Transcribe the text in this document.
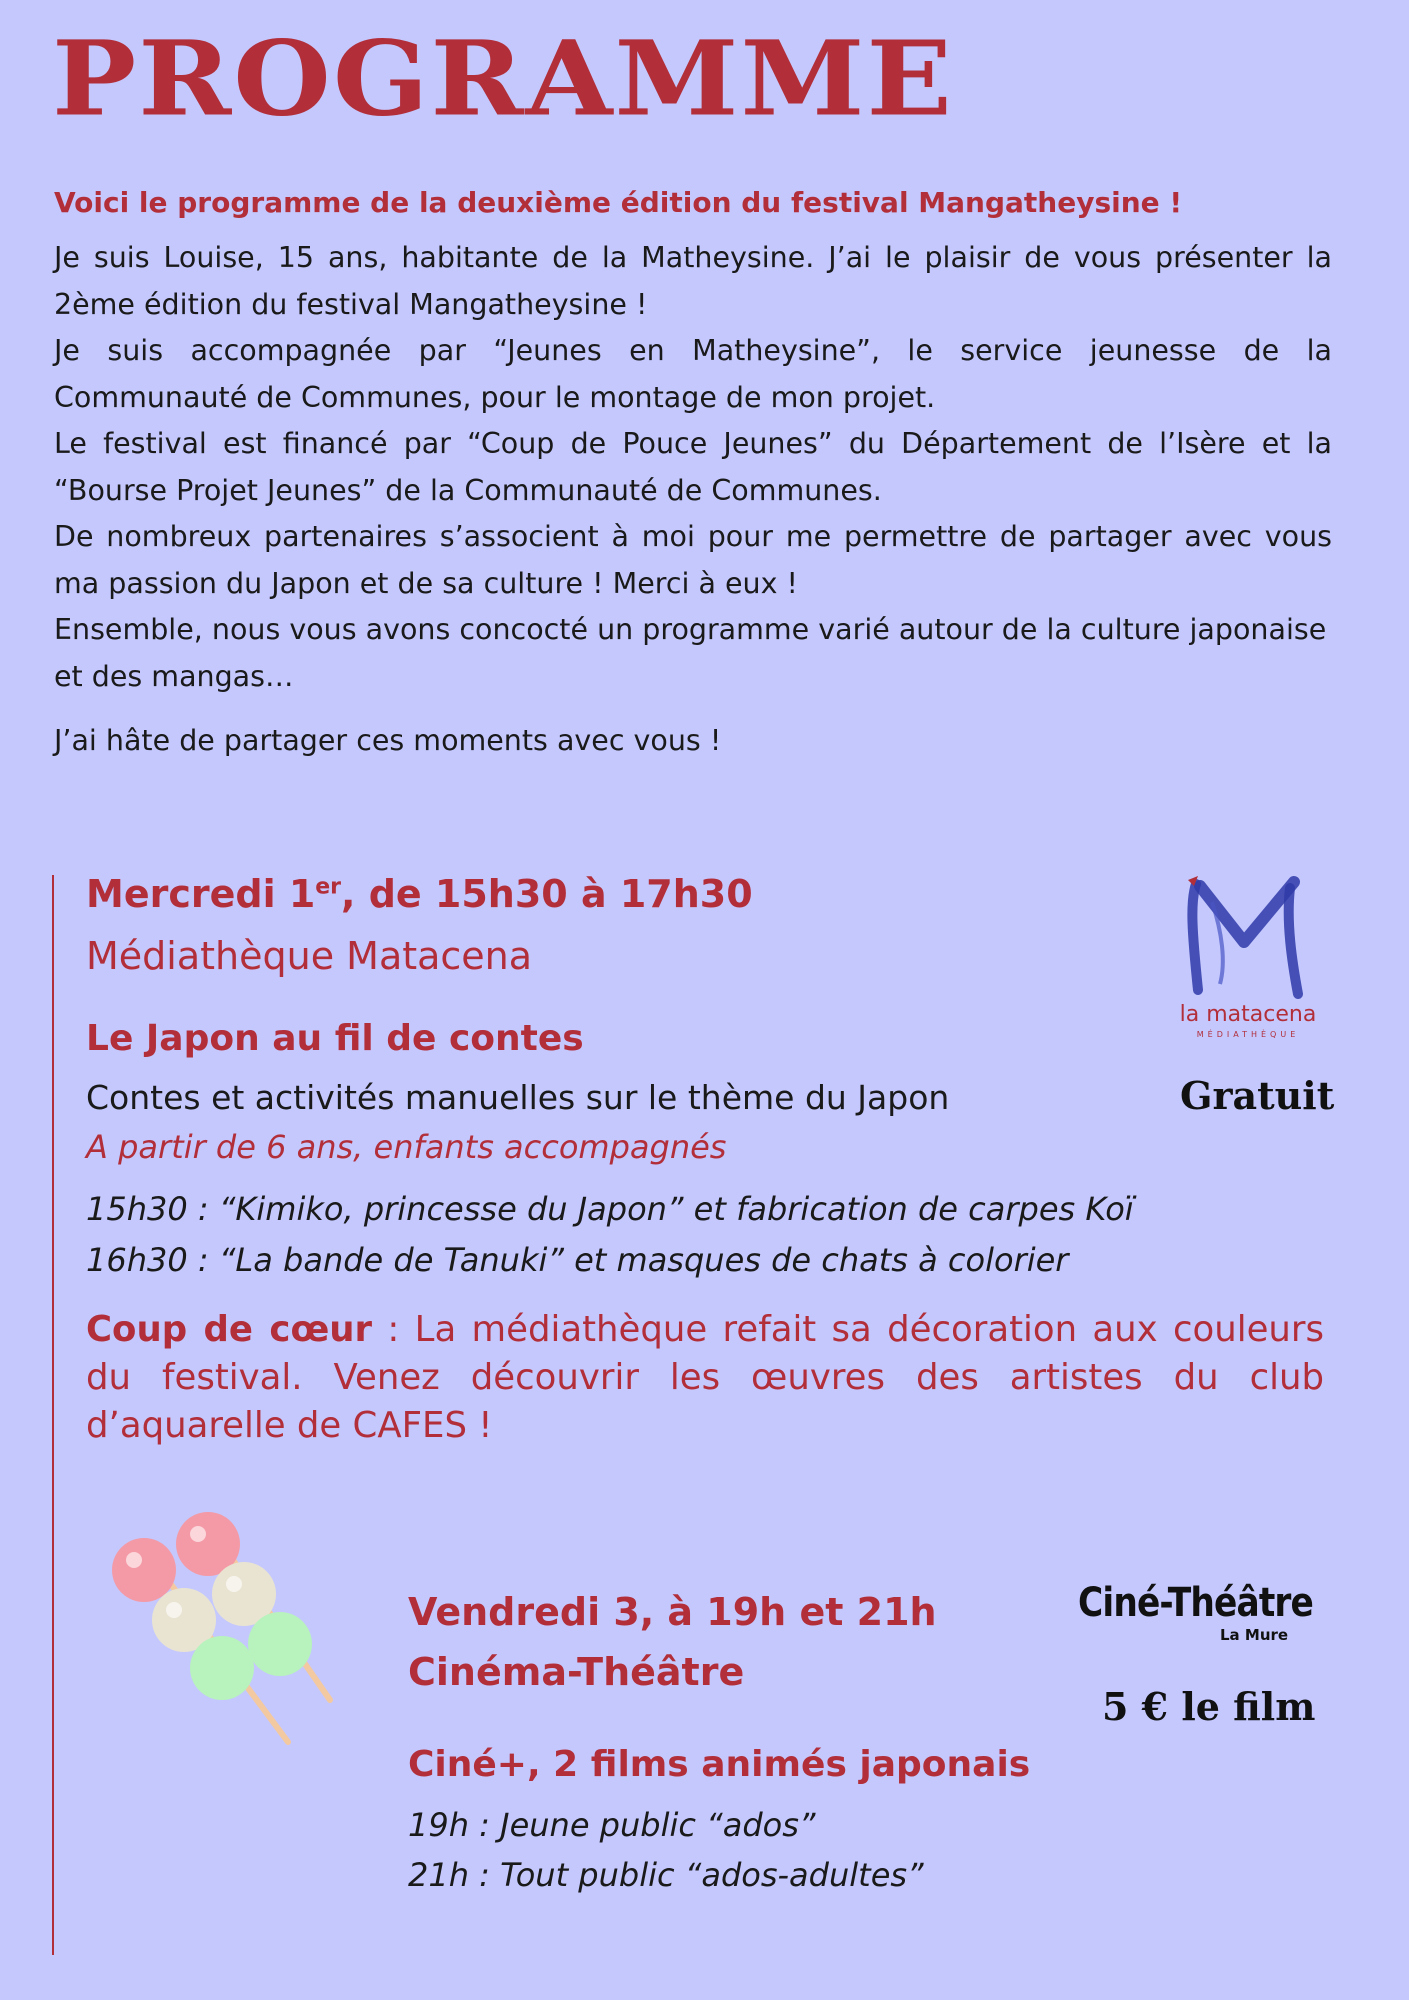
PROGRAMME
Voici le programme de la deuxième édition du festival Mangatheysine !

Je suis Louise, 15 ans, habitante de la Matheysine. J’ai le plaisir de vous présenter la 2ème édition du festival Mangatheysine !

Je suis accompagnée par “Jeunes en Matheysine”, le service jeunesse de la Communauté de Communes, pour le montage de mon projet.

Le festival est financé par “Coup de Pouce Jeunes” du Département de l’Isère et la “Bourse Projet Jeunes” de la Communauté de Communes.

De nombreux partenaires s’associent à moi pour me permettre de partager avec vous ma passion du Japon et de sa culture ! Merci à eux !

Ensemble, nous vous avons concocté un programme varié autour de la culture japonaise et des mangas…

J’ai hâte de partager ces moments avec vous !
Mercredi 1er, de 15h30 à 17h30
Médiathèque Matacena
Le Japon au fil de contes
Contes et activités manuelles sur le thème du Japon
A partir de 6 ans, enfants accompagnés
15h30 : “Kimiko, princesse du Japon” et fabrication de carpes Koï
16h30 : “La bande de Tanuki” et masques de chats à colorier
Coup de cœur : La médiathèque refait sa décoration aux couleurs du festival. Venez découvrir les œuvres des artistes du club d’aquarelle de CAFES !
la matacena
MÉDIATHÈQUE
Gratuit
Vendredi 3, à 19h et 21h
Cinéma-Théâtre
Ciné+, 2 films animés japonais
19h : Jeune public “ados”
21h : Tout public “ados-adultes”
Ciné-Théâtre
La Mure
5 € le film
